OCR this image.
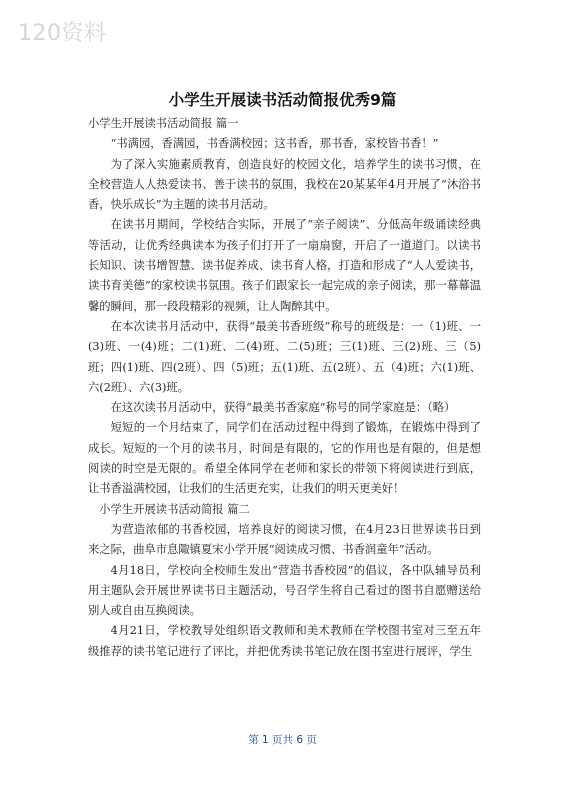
120资料
小学生开展读书活动简报优秀9篇

小学生开展读书活动简报 篇一

“书满园，香满园，书香满校园；这书香，那书香，家校皆书香！”

为了深入实施素质教育，创造良好的校园文化，培养学生的读书习惯，在全校营造人人热爱读书、善于读书的氛围，我校在20某某年4月开展了“沐浴书香，快乐成长”为主题的读书月活动。

在读书月期间，学校结合实际，开展了“亲子阅读”、分低高年级诵读经典等活动，让优秀经典读本为孩子们打开了一扇扇窗，开启了一道道门。以读书长知识、读书增智慧、读书促养成、读书育人格，打造和形成了“人人爱读书，读书育美德”的家校读书氛围。孩子们跟家长一起完成的亲子阅读，那一幕幕温馨的瞬间，那一段段精彩的视频，让人陶醉其中。

在本次读书月活动中，获得“最美书香班级”称号的班级是：一（1)班、一(3)班、一(4)班；二(1)班、二(4)班、二(5)班；三(1)班、三(2)班、三（5)班；四(1)班、四(2班）、四（5)班；五(1)班、五(2班）、五（4)班；六(1)班、六(2班）、六(3)班。

在这次读书月活动中，获得“最美书香家庭”称号的同学家庭是：（略）

短短的一个月结束了，同学们在活动过程中得到了锻炼，在锻炼中得到了成长。短短的一个月的读书月，时间是有限的，它的作用也是有限的，但是想阅读的时空是无限的。希望全体同学在老师和家长的带领下将阅读进行到底，让书香溢满校园，让我们的生活更充实，让我们的明天更美好！

小学生开展读书活动简报 篇二

为营造浓郁的书香校园，培养良好的阅读习惯，在4月23日世界读书日到来之际，曲阜市息陬镇夏宋小学开展“阅读成习惯、书香润童年”活动。

4月18日，学校向全校师生发出“营造书香校园”的倡议，各中队辅导员利用主题队会开展世界读书日主题活动，号召学生将自己看过的图书自愿赠送给别人或自由互换阅读。

4月21日，学校教导处组织语文教师和美术教师在学校图书室对三至五年级推荐的读书笔记进行了评比，并把优秀读书笔记放在图书室进行展评，学生

第 1 页共 6 页
